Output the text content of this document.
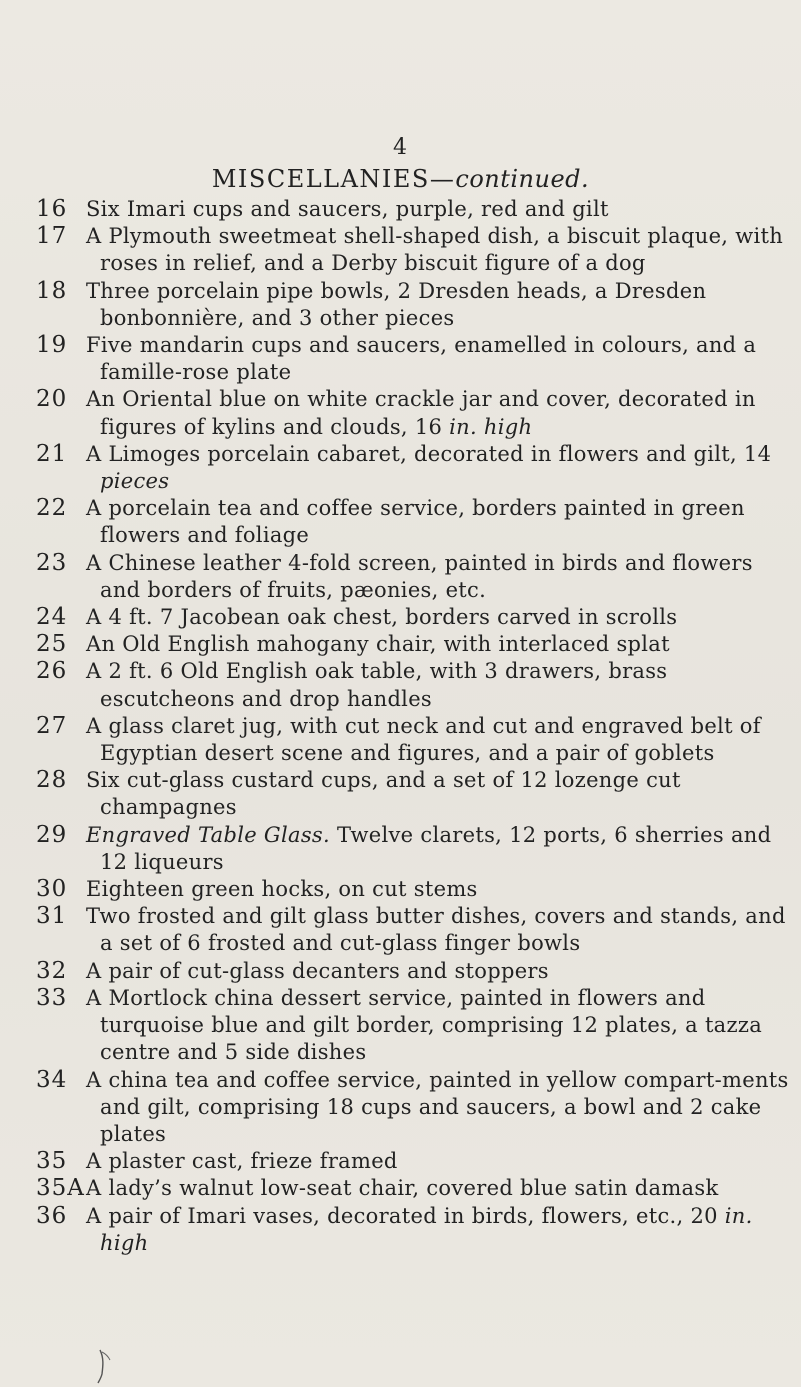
4
MISCELLANIES—continued.
16 Six Imari cups and saucers, purple, red and gilt
17 A Plymouth sweetmeat shell-shaped dish, a biscuit plaque, with roses in relief, and a Derby biscuit figure of a dog
18 Three porcelain pipe bowls, 2 Dresden heads, a Dresden bonbonnière, and 3 other pieces
19 Five mandarin cups and saucers, enamelled in colours, and a famille-rose plate
20 An Oriental blue on white crackle jar and cover, decorated in figures of kylins and clouds, 16 in. high
21 A Limoges porcelain cabaret, decorated in flowers and gilt, 14 pieces
22 A porcelain tea and coffee service, borders painted in green flowers and foliage
23 A Chinese leather 4-fold screen, painted in birds and flowers and borders of fruits, pæonies, etc.
24 A 4 ft. 7 Jacobean oak chest, borders carved in scrolls
25 An Old English mahogany chair, with interlaced splat
26 A 2 ft. 6 Old English oak table, with 3 drawers, brass escutcheons and drop handles
27 A glass claret jug, with cut neck and cut and engraved belt of Egyptian desert scene and figures, and a pair of goblets
28 Six cut-glass custard cups, and a set of 12 lozenge cut champagnes
29 Engraved Table Glass. Twelve clarets, 12 ports, 6 sherries and 12 liqueurs
30 Eighteen green hocks, on cut stems
31 Two frosted and gilt glass butter dishes, covers and stands, and a set of 6 frosted and cut-glass finger bowls
32 A pair of cut-glass decanters and stoppers
33 A Mortlock china dessert service, painted in flowers and turquoise blue and gilt border, comprising 12 plates, a tazza centre and 5 side dishes
34 A china tea and coffee service, painted in yellow compart-ments and gilt, comprising 18 cups and saucers, a bowl and 2 cake plates
35 A plaster cast, frieze framed
35A A lady’s walnut low-seat chair, covered blue satin damask
36 A pair of Imari vases, decorated in birds, flowers, etc., 20 in. high
